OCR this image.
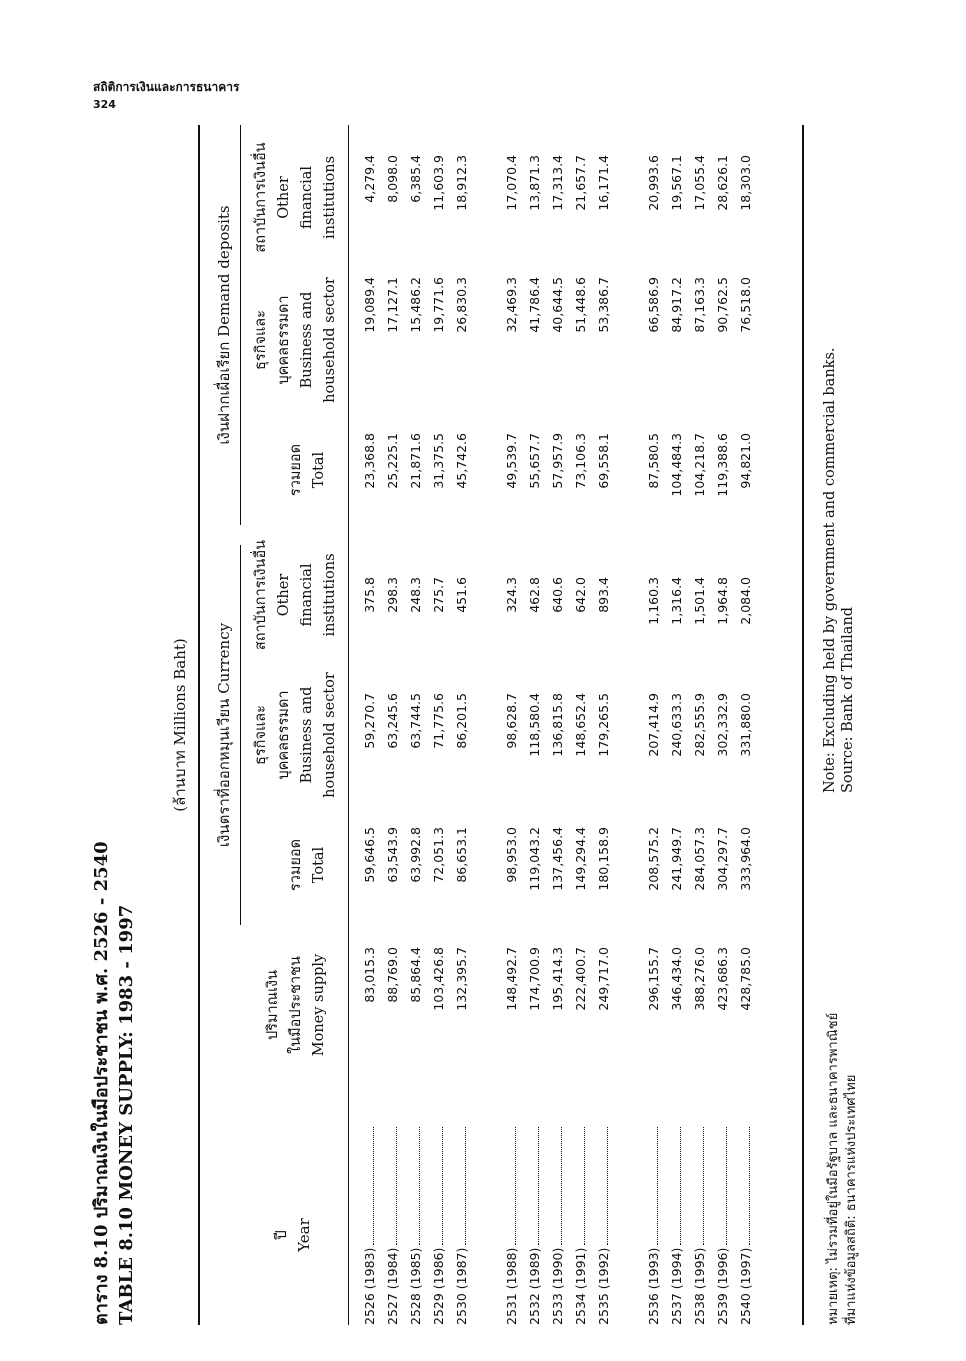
สถิติการเงินและการธนาคาร
324
ตาราง 8.10 ปริมาณเงินในมือประชาชน พ.ศ. 2526 - 2540 TABLE 8.10 MONEY SUPPLY: 1983 - 1997
(ล้านบาท Millions Baht) เงินตราที่ออกหมุนเวียน Currency
เงินฝากเผื่อเรียก Demand deposits
ปี Year
ปริมาณเงิน ในมือประชาชน Money supply
รวมยอด Total
ธุรกิจและ บุคคลธรรมดา Business and household sector
สถาบันการเงินอื่น Other financial institutions
รวมยอด Total
ธุรกิจและ บุคคลธรรมดา Business and household sector
สถาบันการเงินอื่น Other financial institutions
2526 (1983)
83,015.3
59,646.5
59,270.7
375.8
23,368.8
19,089.4
4,279.4
2527 (1984)
88,769.0
63,543.9
63,245.6
298.3
25,225.1
17,127.1
8,098.0
2528 (1985)
85,864.4
63,992.8
63,744.5
248.3
21,871.6
15,486.2
6,385.4
2529 (1986)
103,426.8
72,051.3
71,775.6
275.7
31,375.5
19,771.6
11,603.9
2530 (1987)
132,395.7
86,653.1
86,201.5
451.6
45,742.6
26,830.3
18,912.3
2531 (1988)
148,492.7
98,953.0
98,628.7
324.3
49,539.7
32,469.3
17,070.4
2532 (1989)
174,700.9
119,043.2
118,580.4
462.8
55,657.7
41,786.4
13,871.3
2533 (1990)
195,414.3
137,456.4
136,815.8
640.6
57,957.9
40,644.5
17,313.4
2534 (1991)
222,400.7
149,294.4
148,652.4
642.0
73,106.3
51,448.6
21,657.7
2535 (1992)
249,717.0
180,158.9
179,265.5
893.4
69,558.1
53,386.7
16,171.4
2536 (1993)
296,155.7
208,575.2
207,414.9
1,160.3
87,580.5
66,586.9
20,993.6
2537 (1994)
346,434.0
241,949.7
240,633.3
1,316.4
104,484.3
84,917.2
19,567.1
2538 (1995)
388,276.0
284,057.3
282,555.9
1,501.4
104,218.7
87,163.3
17,055.4
2539 (1996)
423,686.3
304,297.7
302,332.9
1,964.8
119,388.6
90,762.5
28,626.1
2540 (1997)
428,785.0
333,964.0
331,880.0
2,084.0
94,821.0
76,518.0
18,303.0
หมายเหตุ: ไม่รวมที่อยู่ในมือรัฐบาล และธนาคารพาณิชย์ ที่มาแห่งข้อมูลสถิติ: ธนาคารแห่งประเทศไทย
Note: Excluding held by government and commercial banks. Source: Bank of Thailand
